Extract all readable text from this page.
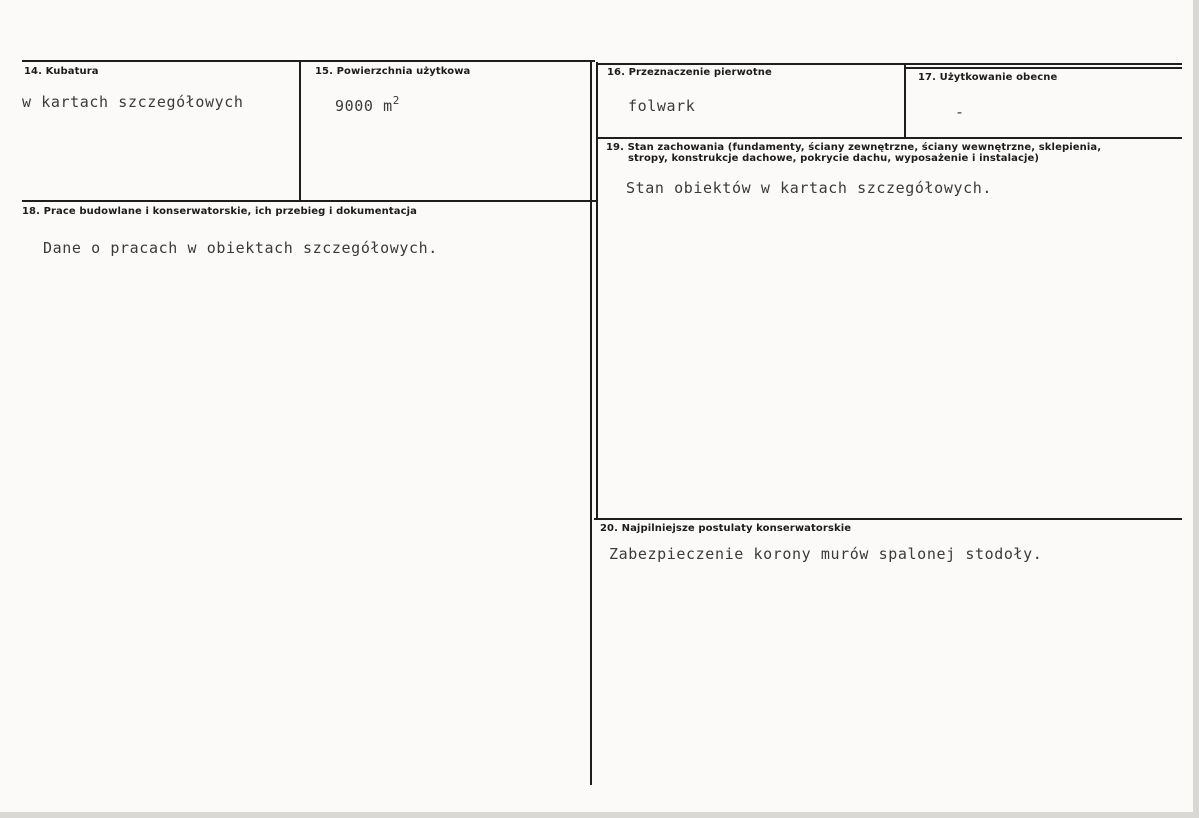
14. Kubatura
w kartach szczegółowych
15. Powierzchnia użytkowa
9000 $m^2$
16. Przeznaczenie pierwotne
folwark
17. Użytkowanie obecne
-
18. Prace budowlane i konserwatorskie, ich przebieg i dokumentacja
Dane o pracach w obiektach szczegółowych.
19. Stan zachowania (fundamenty, ściany zewnętrzne, ściany wewnętrzne, sklepienia,
stropy, konstrukcje dachowe, pokrycie dachu, wyposażenie i instalacje)
Stan obiektów w kartach szczegółowych.
20. Najpilniejsze postulaty konserwatorskie
Zabezpieczenie korony murów spalonej stodoły.
